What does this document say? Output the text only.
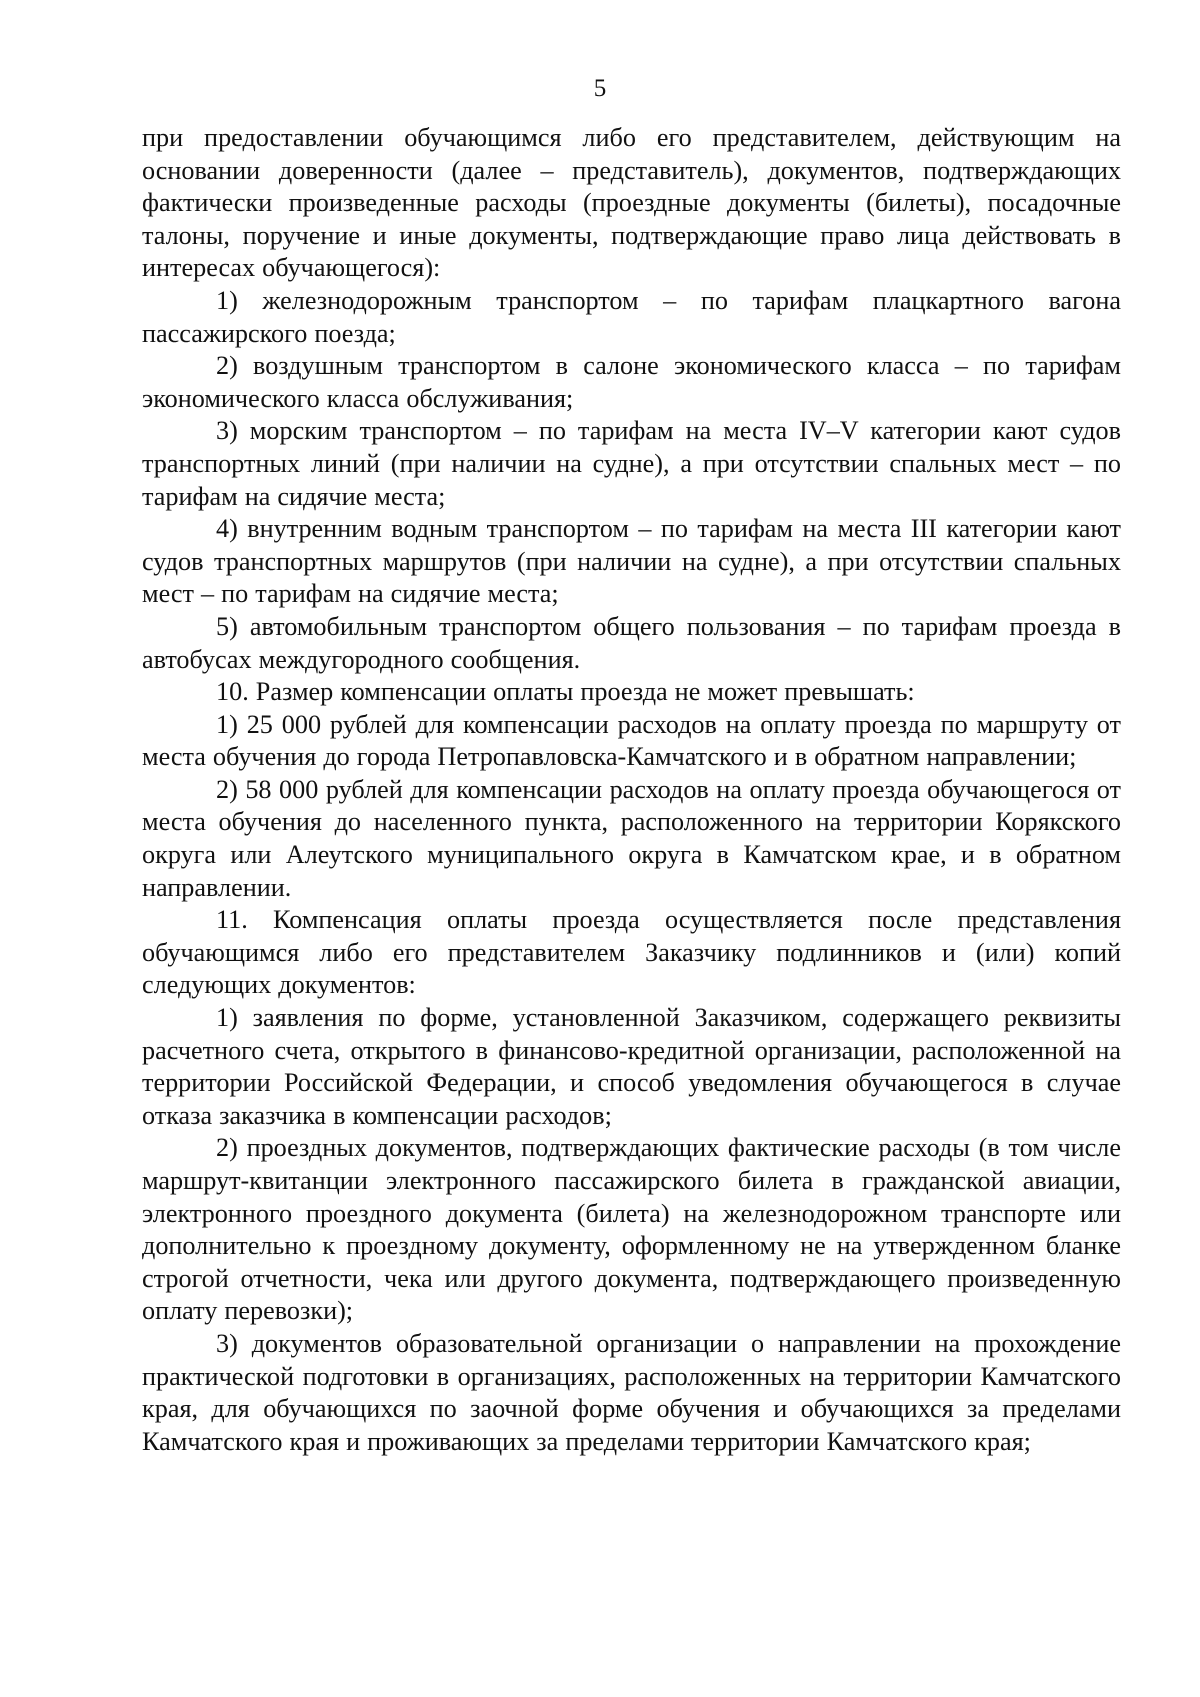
5

при предоставлении обучающимся либо его представителем, действующим на основании доверенности (далее – представитель), документов, подтверждающих фактически произведенные расходы (проездные документы (билеты), посадочные талоны, поручение и иные документы, подтверждающие право лица действовать в интересах обучающегося):

1) железнодорожным транспортом – по тарифам плацкартного вагона пассажирского поезда;

2) воздушным транспортом в салоне экономического класса – по тарифам экономического класса обслуживания;

3) морским транспортом – по тарифам на места IV–V категории кают судов транспортных линий (при наличии на судне), а при отсутствии спальных мест – по тарифам на сидячие места;

4) внутренним водным транспортом – по тарифам на места III категории кают судов транспортных маршрутов (при наличии на судне), а при отсутствии спальных мест – по тарифам на сидячие места;

5) автомобильным транспортом общего пользования – по тарифам проезда в автобусах междугородного сообщения.

10. Размер компенсации оплаты проезда не может превышать:

1) 25 000 рублей для компенсации расходов на оплату проезда по маршруту от места обучения до города Петропавловска-Камчатского и в обратном направлении;

2) 58 000 рублей для компенсации расходов на оплату проезда обучающегося от места обучения до населенного пункта, расположенного на территории Корякского округа или Алеутского муниципального округа в Камчатском крае, и в обратном направлении.

11. Компенсация оплаты проезда осуществляется после представления обучающимся либо его представителем Заказчику подлинников и (или) копий следующих документов:

1) заявления по форме, установленной Заказчиком, содержащего реквизиты расчетного счета, открытого в финансово-кредитной организации, расположенной на территории Российской Федерации, и способ уведомления обучающегося в случае отказа заказчика в компенсации расходов;

2) проездных документов, подтверждающих фактические расходы (в том числе маршрут-квитанции электронного пассажирского билета в гражданской авиации, электронного проездного документа (билета) на железнодорожном транспорте или дополнительно к проездному документу, оформленному не на утвержденном бланке строгой отчетности, чека или другого документа, подтверждающего произведенную оплату перевозки);

3) документов образовательной организации о направлении на прохождение практической подготовки в организациях, расположенных на территории Камчатского края, для обучающихся по заочной форме обучения и обучающихся за пределами Камчатского края и проживающих за пределами территории Камчатского края;
